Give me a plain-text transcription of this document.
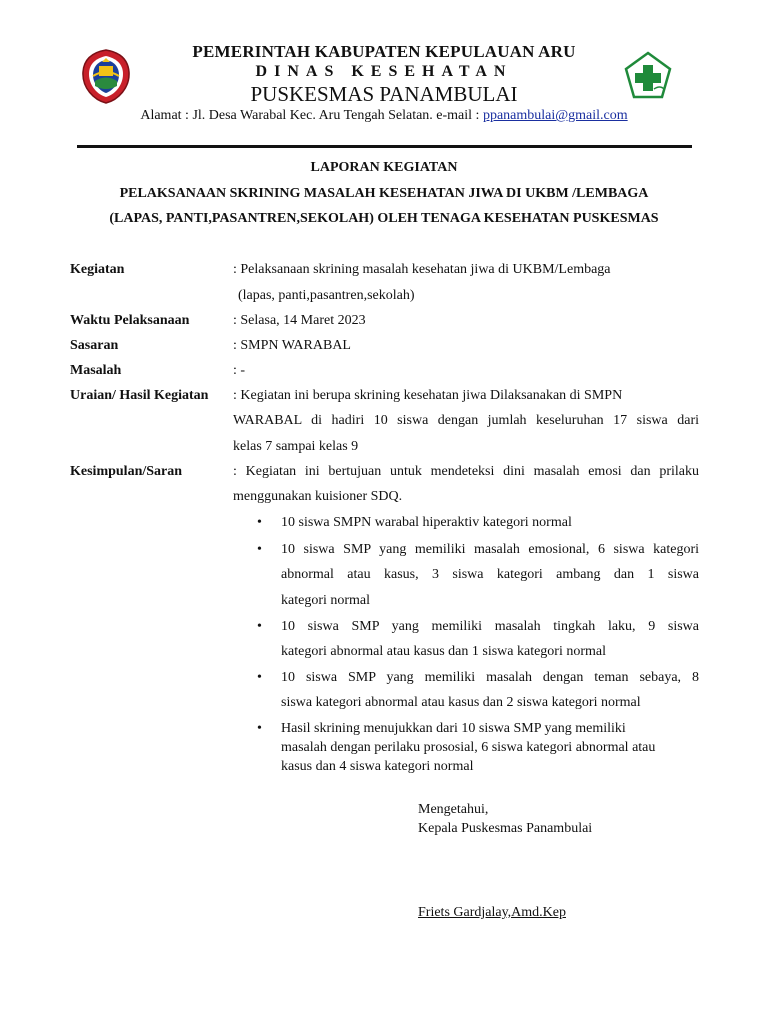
PEMERINTAH KABUPATEN KEPULAUAN ARU
DINAS KESEHATAN
PUSKESMAS PANAMBULAI
Alamat : Jl. Desa Warabal Kec. Aru Tengah Selatan. e-mail : ppanambulai@gmail.com
LAPORAN KEGIATAN
PELAKSANAAN SKRINING MASALAH KESEHATAN JIWA DI UKBM /LEMBAGA
(LAPAS, PANTI,PASANTREN,SEKOLAH) OLEH TENAGA KESEHATAN PUSKESMAS
Kegiatan	: Pelaksanaan skrining masalah kesehatan jiwa di UKBM/Lembaga
(lapas, panti,pasantren,sekolah)
Waktu Pelaksanaan	: Selasa, 14 Maret 2023
Sasaran	: SMPN WARABAL
Masalah	: -
Uraian/ Hasil Kegiatan : Kegiatan ini berupa skrining kesehatan jiwa Dilaksanakan di SMPN
WARABAL di hadiri 10 siswa dengan jumlah keseluruhan 17 siswa dari
kelas 7 sampai kelas 9
Kesimpulan/Saran	: Kegiatan ini bertujuan untuk mendeteksi dini masalah emosi dan prilaku
menggunakan kuisioner SDQ.
• 10 siswa SMPN warabal hiperaktiv kategori normal
• 10 siswa SMP yang memiliki masalah emosional, 6 siswa kategori
abnormal atau kasus, 3 siswa kategori ambang dan 1 siswa
kategori normal
• 10 siswa SMP yang memiliki masalah tingkah laku, 9 siswa
kategori abnormal atau kasus dan 1 siswa kategori normal
• 10 siswa SMP yang memiliki masalah dengan teman sebaya, 8
siswa kategori abnormal atau kasus dan 2 siswa kategori normal
• Hasil skrining menujukkan dari 10 siswa SMP yang memiliki
masalah dengan perilaku prososial, 6 siswa kategori abnormal atau
kasus dan 4 siswa kategori normal
Mengetahui,
Kepala Puskesmas Panambulai
Friets Gardjalay,Amd.Kep
